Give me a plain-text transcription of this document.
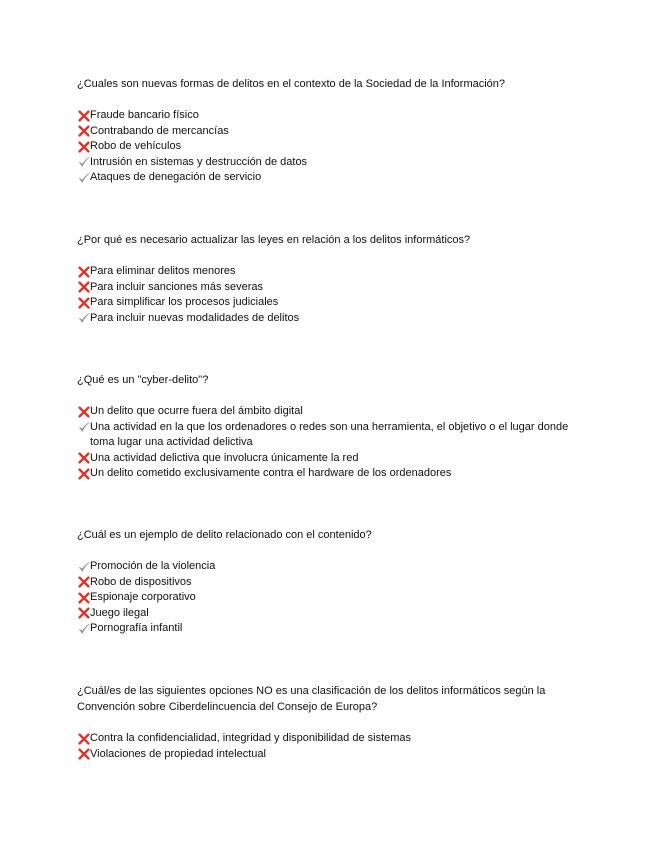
¿Cuales son nuevas formas de delitos en el contexto de la Sociedad de la Información?

Fraude bancario físico
Contrabando de mercancías
Robo de vehículos
Intrusión en sistemas y destrucción de datos
Ataques de denegación de servicio

¿Por qué es necesario actualizar las leyes en relación a los delitos informáticos?

Para eliminar delitos menores
Para incluir sanciones más severas
Para simplificar los procesos judiciales
Para incluir nuevas modalidades de delitos

¿Qué es un "cyber-delito"?

Un delito que ocurre fuera del ámbito digital
Una actividad en la que los ordenadores o redes son una herramienta, el objetivo o el lugar donde toma lugar una actividad delictiva
Una actividad delictiva que involucra únicamente la red
Un delito cometido exclusivamente contra el hardware de los ordenadores

¿Cuál es un ejemplo de delito relacionado con el contenido?

Promoción de la violencia
Robo de dispositivos
Espionaje corporativo
Juego ilegal
Pornografía infantil

¿Cuál/es de las siguientes opciones NO es una clasificación de los delitos informáticos según la Convención sobre Ciberdelincuencia del Consejo de Europa?

Contra la confidencialidad, integridad y disponibilidad de sistemas
Violaciones de propiedad intelectual
